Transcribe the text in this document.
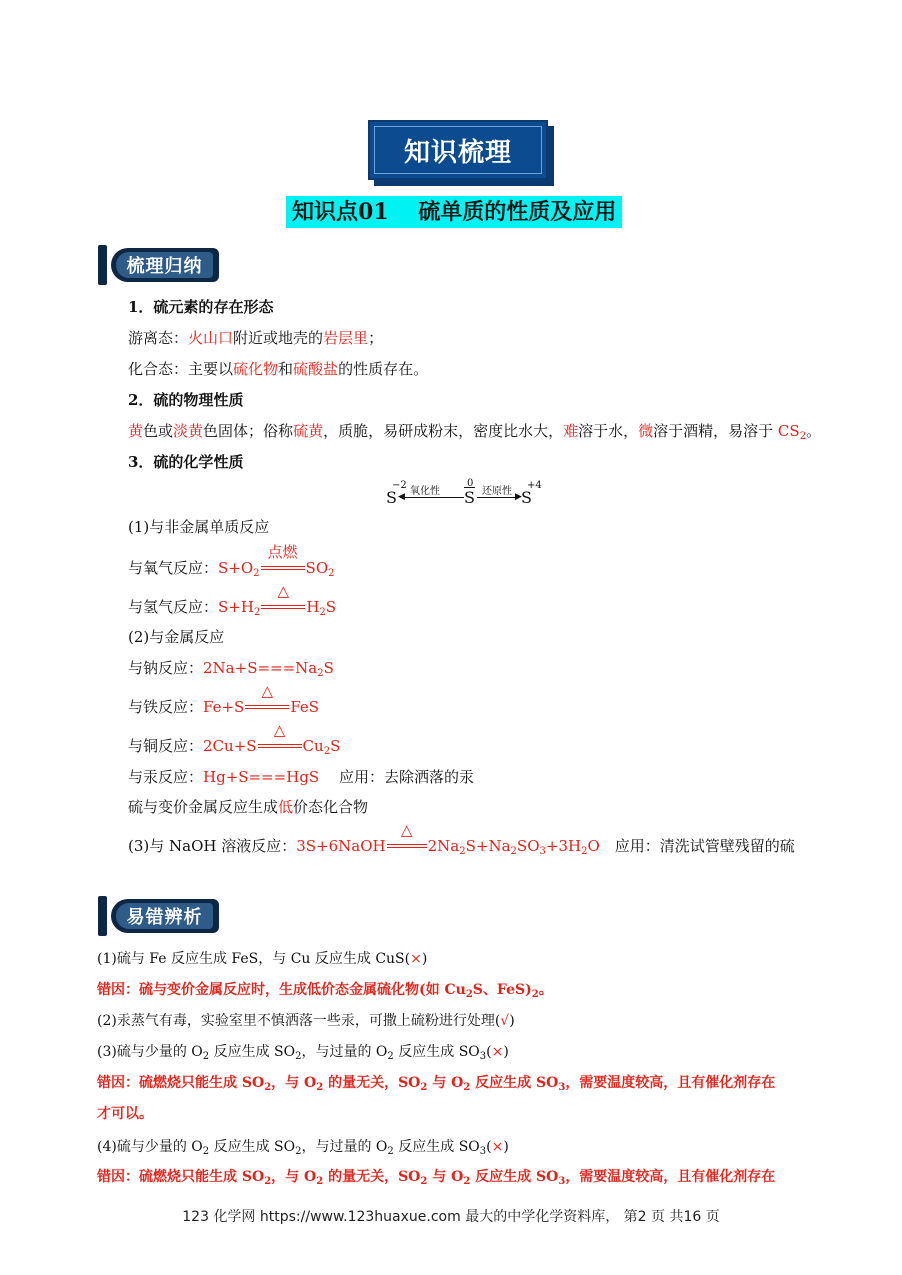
知识梳理
知识点01　 硫单质的性质及应用
梳理归纳
1．硫元素的存在形态
游离态：火山口附近或地壳的岩层里；
化合态：主要以硫化物和硫酸盐的性质存在。
2．硫的物理性质
黄色或淡黄色固体；俗称硫黄，质脆，易研成粉末，密度比水大，难溶于水，微溶于酒精，易溶于 $CS_2$。
3．硫的化学性质
S
−2
氧化性
◀	$\overline{S}$
0
还原性 ▶ S
+4
(1)与非金属单质反应
与氧气反应：$S+O_2$
点燃
$SO_2$
与氢气反应：$S+H_2$
△
$H_2S$
(2)与金属反应
与钠反应：$2Na+S===Na_2S$
与铁反应：Fe+S
△
FeS
与铜反应：2Cu+S
△
$Cu_2S$
与汞反应：Hg+S===HgS　 应用：去除洒落的汞
硫与变价金属反应生成低价态化合物
(3)与 NaOH 溶液反应：3S+6NaOH
△
$2Na_2S+Na_2SO_3+3H_2O$　应用：清洗试管壁残留的硫
易错辨析
(1)硫与 Fe 反应生成 FeS，与 Cu 反应生成 CuS(×)
错因：硫与变价金属反应时，生成低价态金属硫化物(如 $Cu_2S$、$FeS)_2$。
(2)汞蒸气有毒，实验室里不慎洒落一些汞，可撒上硫粉进行处理(√)
(3)硫与少量的 $O_2$ 反应生成 $SO_2$，与过量的 $O_2$ 反应生成 $SO_3(\times)$
错因：硫燃烧只能生成 $SO_2$，与 $O_2$ 的量无关，$SO_2$ 与 $O_2$ 反应生成 $SO_3$，需要温度较高，且有催化剂存在
才可以。
(4)硫与少量的 $O_2$ 反应生成 $SO_2$，与过量的 $O_2$ 反应生成 $SO_3(\times)$
错因：硫燃烧只能生成 $SO_2$，与 $O_2$ 的量无关，$SO_2$ 与 $O_2$ 反应生成 $SO_3$，需要温度较高，且有催化剂存在
123 化学网 https://www.123huaxue.com 最大的中学化学资料库， 第2 页 共16 页
